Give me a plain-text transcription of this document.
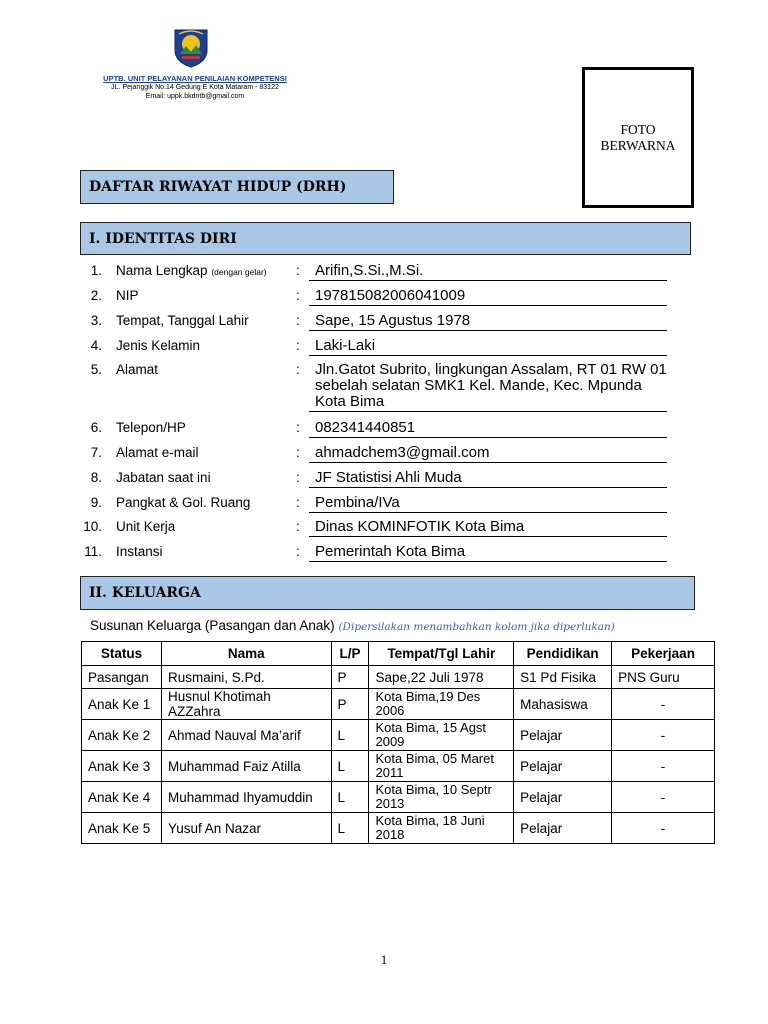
UPTB. UNIT PELAYANAN PENILAIAN KOMPETENSI
JL. Pejanggik No.14 Gedung E Kota Mataram - 83122
Email: uppk.bkdntb@gmail.com
FOTO
BERWARNA
DAFTAR RIWAYAT HIDUP (DRH)
I. IDENTITAS DIRI
1. Nama Lengkap (dengan gelar) :	Arifin,S.Si.,M.Si.
2. NIP	:	197815082006041009
3. Tempat, Tanggal Lahir	:	Sape, 15 Agustus 1978
4. Jenis Kelamin	:	Laki-Laki
5. Alamat	:	Jln.Gatot Subrito, lingkungan Assalam, RT 01 RW 01 sebelah selatan SMK1 Kel. Mande, Kec. Mpunda Kota Bima
6. Telepon/HP	:	082341440851
7. Alamat e-mail	:	ahmadchem3@gmail.com
8. Jabatan saat ini	:	JF Statistisi Ahli Muda
9. Pangkat & Gol. Ruang	:	Pembina/IVa
10. Unit Kerja	:	Dinas KOMINFOTIK Kota Bima
11. Instansi	:	Pemerintah Kota Bima
II. KELUARGA
Susunan Keluarga (Pasangan dan Anak) (Dipersilakan menambahkan kolom jika diperlukan)
Status	Nama	L/P	Tempat/Tgl Lahir	Pendidikan	Pekerjaan
Pasangan	Rusmaini, S.Pd.	P	Sape,22 Juli 1978	S1 Pd Fisika	PNS Guru
Anak Ke 1	Husnul Khotimah AZZahra	P	Kota Bima,19 Des 2006	Mahasiswa	-
Anak Ke 2	Ahmad Nauval Ma’arif	L	Kota Bima, 15 Agst 2009	Pelajar	-
Anak Ke 3	Muhammad Faiz Atilla	L	Kota Bima, 05 Maret 2011	Pelajar	-
Anak Ke 4	Muhammad Ihyamuddin	L	Kota Bima, 10 Septr 2013	Pelajar	-
Anak Ke 5	Yusuf An Nazar	L	Kota Bima, 18 Juni 2018	Pelajar	-
1
